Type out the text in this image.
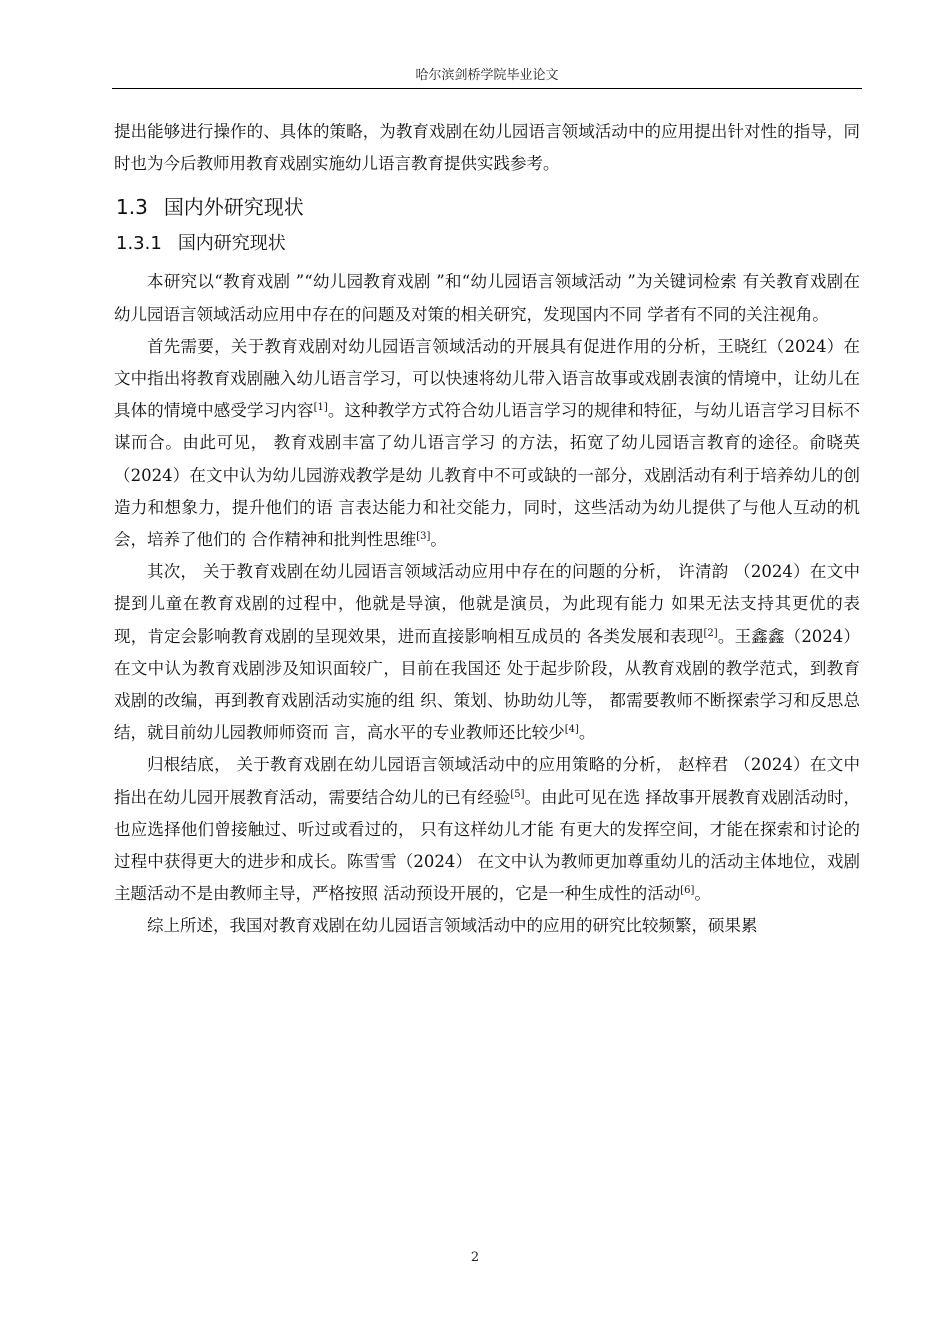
哈尔滨剑桥学院毕业论文

提出能够进行操作的、具体的策略，为教育戏剧在幼儿园语言领域活动中的应用提出针对性的指导，同时也为今后教师用教育戏剧实施幼儿语言教育提供实践参考。

1.3 国内外研究现状
1.3.1 国内研究现状

本研究以“教育戏剧 ”“幼儿园教育戏剧 ”和“幼儿园语言领域活动 ”为关键词检索 有关教育戏剧在幼儿园语言领域活动应用中存在的问题及对策的相关研究，发现国内不同 学者有不同的关注视角。

首先需要，关于教育戏剧对幼儿园语言领域活动的开展具有促进作用的分析，王晓红（2024）在文中指出将教育戏剧融入幼儿语言学习，可以快速将幼儿带入语言故事或戏剧表演的情境中，让幼儿在具体的情境中感受学习内容[1]。这种教学方式符合幼儿语言学习的规律和特征，与幼儿语言学习目标不谋而合。由此可见， 教育戏剧丰富了幼儿语言学习 的方法，拓宽了幼儿园语言教育的途径。俞晓英（2024）在文中认为幼儿园游戏教学是幼 儿教育中不可或缺的一部分，戏剧活动有利于培养幼儿的创造力和想象力，提升他们的语 言表达能力和社交能力，同时，这些活动为幼儿提供了与他人互动的机会，培养了他们的 合作精神和批判性思维[3]。

其次， 关于教育戏剧在幼儿园语言领域活动应用中存在的问题的分析， 许清韵 （2024）在文中提到儿童在教育戏剧的过程中，他就是导演，他就是演员，为此现有能力 如果无法支持其更优的表现，肯定会影响教育戏剧的呈现效果，进而直接影响相互成员的 各类发展和表现[2]。王鑫鑫（2024）在文中认为教育戏剧涉及知识面较广，目前在我国还 处于起步阶段，从教育戏剧的教学范式，到教育戏剧的改编，再到教育戏剧活动实施的组 织、策划、协助幼儿等， 都需要教师不断探索学习和反思总结，就目前幼儿园教师师资而 言，高水平的专业教师还比较少[4]。

归根结底， 关于教育戏剧在幼儿园语言领域活动中的应用策略的分析， 赵梓君 （2024）在文中指出在幼儿园开展教育活动，需要结合幼儿的已有经验[5]。由此可见在选 择故事开展教育戏剧活动时，也应选择他们曾接触过、听过或看过的， 只有这样幼儿才能 有更大的发挥空间，才能在探索和讨论的过程中获得更大的进步和成长。陈雪雪（2024） 在文中认为教师更加尊重幼儿的活动主体地位，戏剧主题活动不是由教师主导，严格按照 活动预设开展的，它是一种生成性的活动[6]。

综上所述，我国对教育戏剧在幼儿园语言领域活动中的应用的研究比较频繁，硕果累

2
